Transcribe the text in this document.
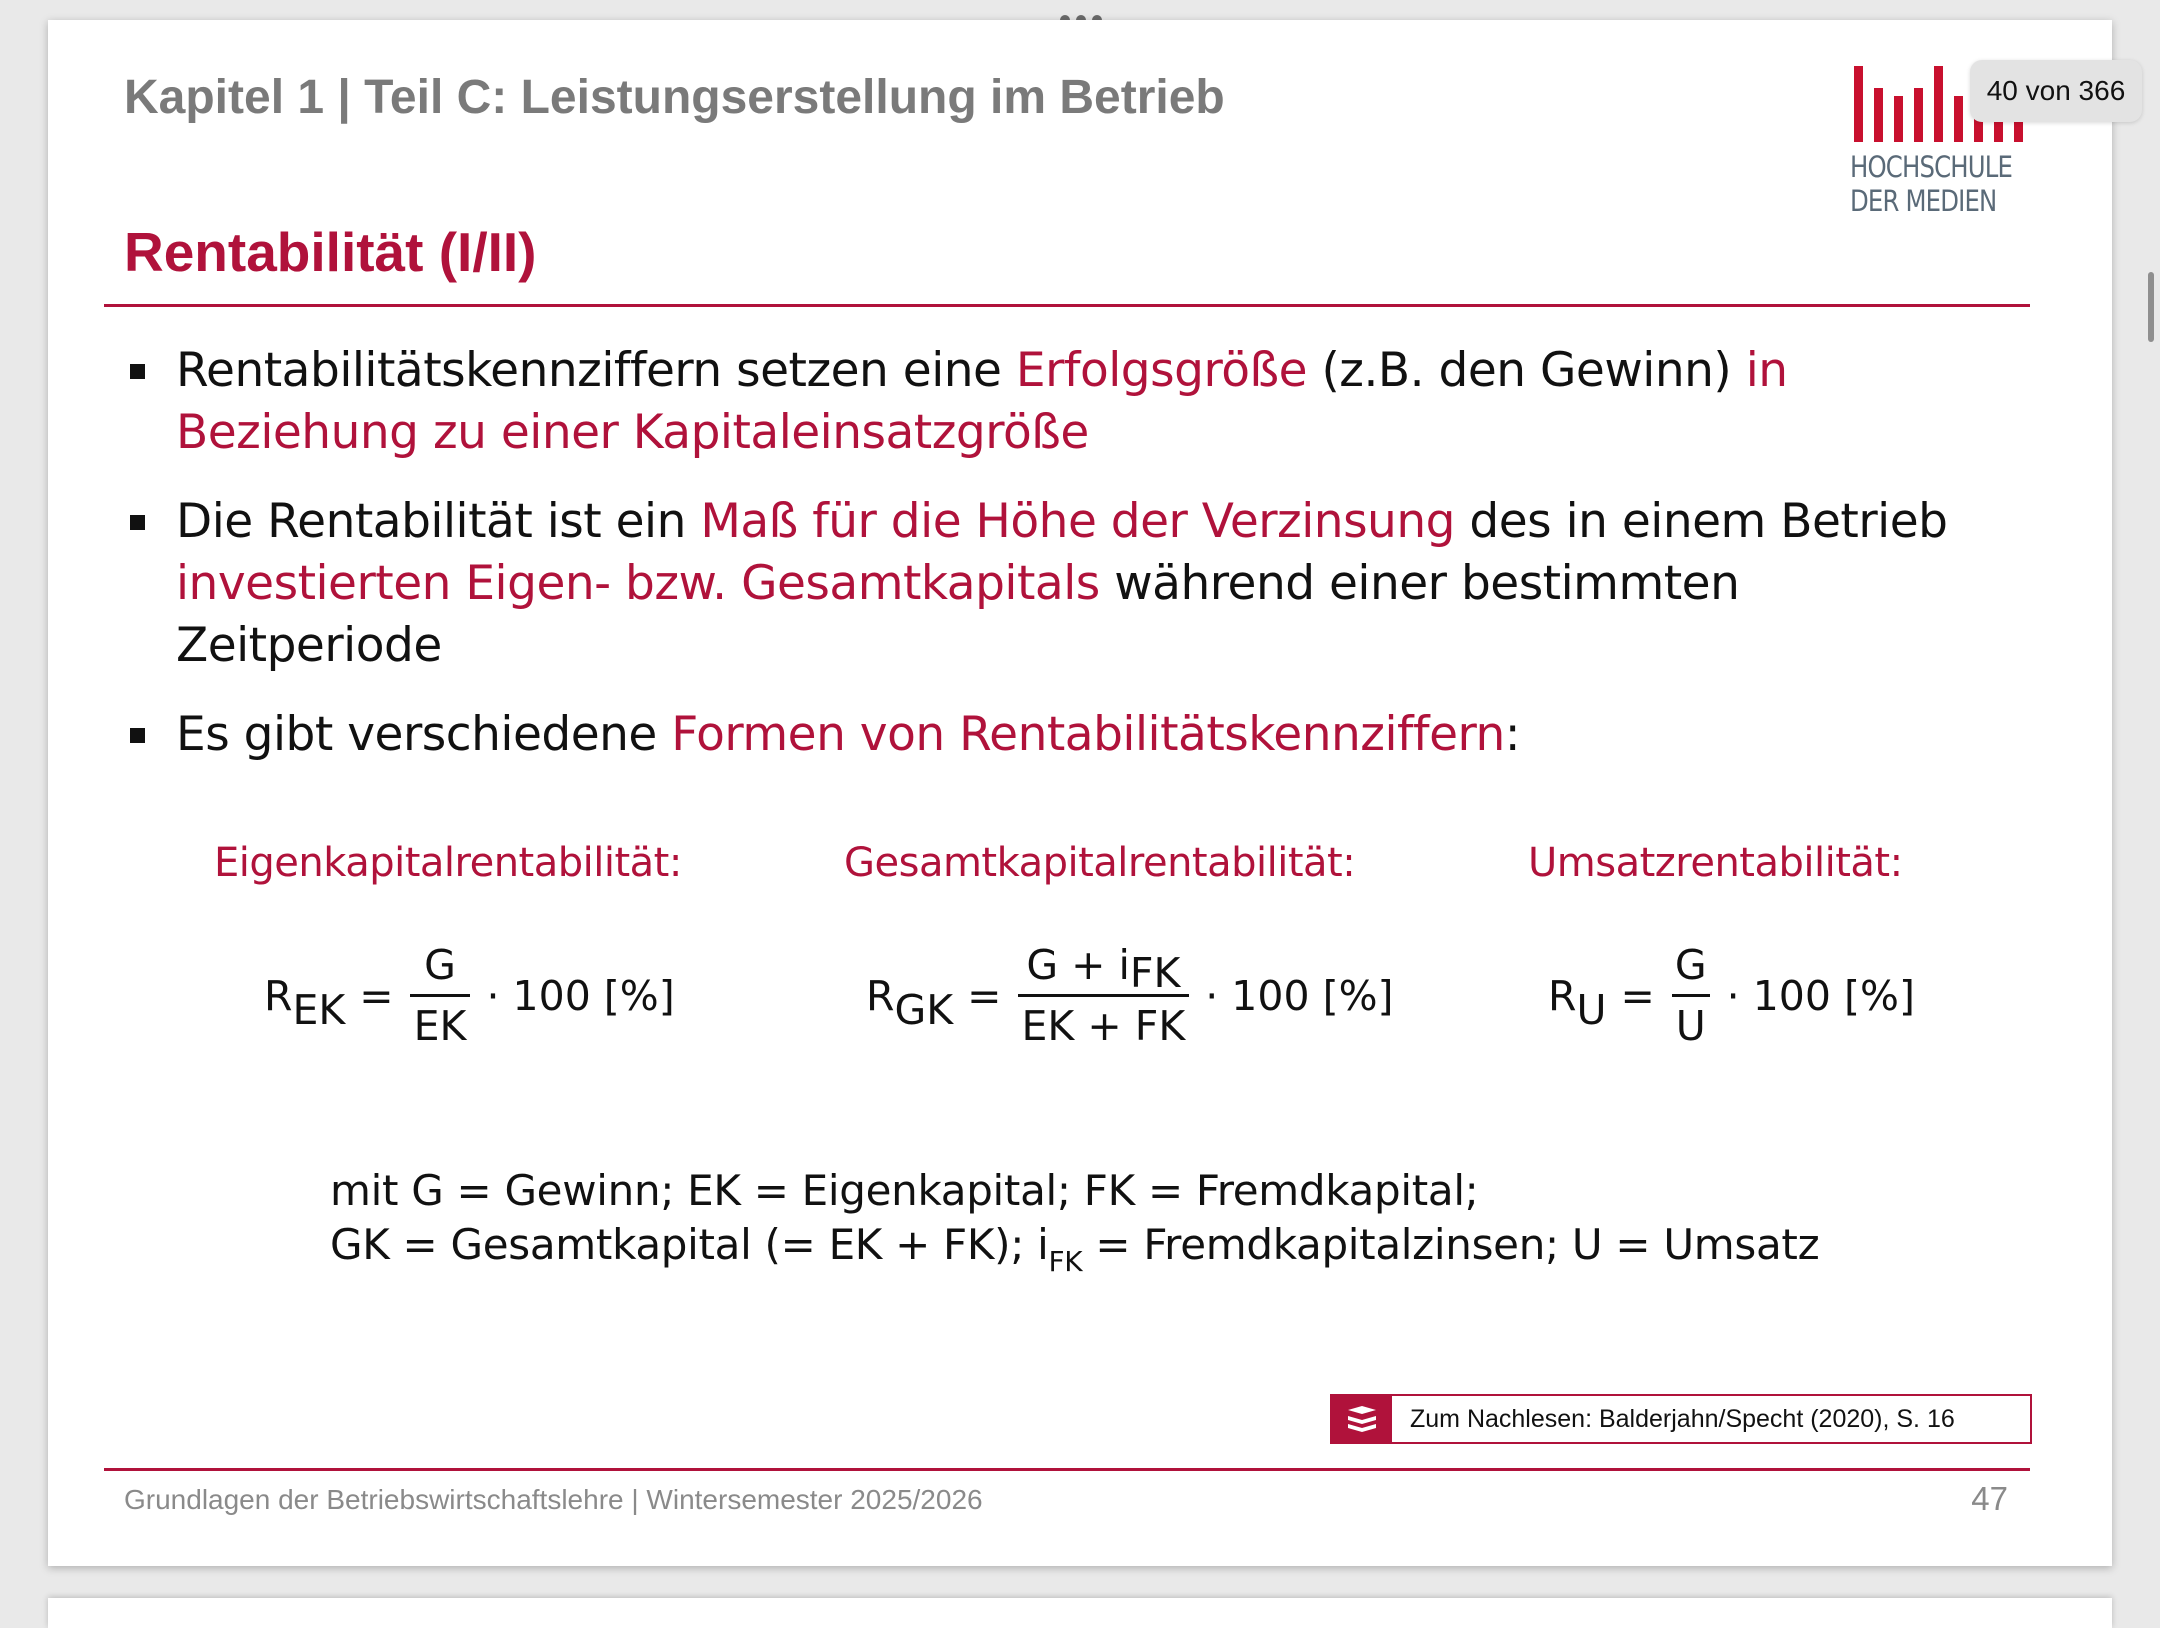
Kapitel 1 | Teil C: Leistungserstellung im Betrieb
HOCHSCHULE
DER MEDIEN
Rentabilität (I/II)
Rentabilitätskennziffern setzen eine Erfolgsgröße (z.B. den Gewinn) in Beziehung zu einer Kapitaleinsatzgröße
Die Rentabilität ist ein Maß für die Höhe der Verzinsung des in einem Betrieb investierten Eigen- bzw. Gesamtkapitals während einer bestimmten Zeitperiode
Es gibt verschiedene Formen von Rentabilitätskennziffern:
Eigenkapitalrentabilität:	Gesamtkapitalrentabilität:	Umsatzrentabilität:
R EK = $\frac{G}{EK} \cdot 100$ [%]	R GK = $\frac{\text{G + iFK}}{EK + FK} \cdot 100$ [%]	R $U = \frac{G}{U} \cdot 100$ [%]
mit G = Gewinn; EK = Eigenkapital; FK = Fremdkapital;
GK = Gesamtkapital (= EK + FK); $i_{FK}$ = Fremdkapitalzinsen; U = Umsatz
Zum Nachlesen: Balderjahn/Specht (2020), S. 16
Grundlagen der Betriebswirtschaftslehre | Wintersemester 2025/2026	47
40 von 366
